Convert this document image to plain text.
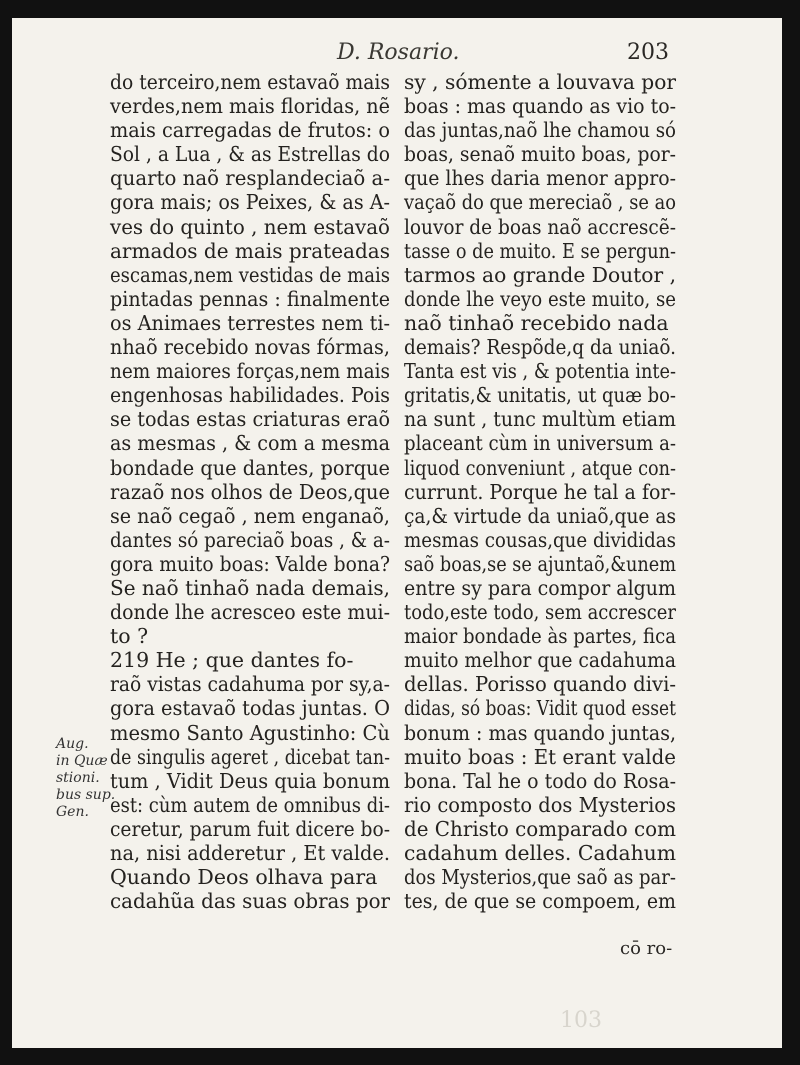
D. Rosario.	203
do terceiro,nem estavaõ mais
verdes,nem mais floridas, nẽ
mais carregadas de frutos: o
Sol , a Lua , & as Estrellas do
quarto naõ resplandeciaõ a-
gora mais; os Peixes, & as A-
ves do quinto , nem estavaõ
armados de mais prateadas
escamas,nem vestidas de mais
pintadas pennas : finalmente
os Animaes terrestes nem ti-
nhaõ recebido novas fórmas,
nem maiores forças,nem mais
engenhosas habilidades. Pois
se todas estas criaturas eraõ
as mesmas , & com a mesma
bondade que dantes, porque
razaõ nos olhos de Deos,que
se naõ cegaõ , nem enganaõ,
dantes só pareciaõ boas , & a-
gora muito boas: Valde bona?
Se naõ tinhaõ nada demais,
donde lhe acresceo este mui-
to ?
219 He ; que dantes fo-
raõ vistas cadahuma por sy,a-
gora estavaõ todas juntas. O
mesmo Santo Agustinho: Cù
de singulis ageret , dicebat tan-
tum , Vidit Deus quia bonum
est: cùm autem de omnibus di-
ceretur, parum fuit dicere bo-
na, nisi adderetur , Et valde.
Quando Deos olhava para
cadahũa das suas obras por
sy , sómente a louvava por
boas : mas quando as vio to-
das juntas,naõ lhe chamou só
boas, senaõ muito boas, por-
que lhes daria menor appro-
vaçaõ do que mereciaõ , se ao
louvor de boas naõ accrescẽ-
tasse o de muito. E se pergun-
tarmos ao grande Doutor ,
donde lhe veyo este muito, se
naõ tinhaõ recebido nada
demais? Respõde,q da uniaõ.
Tanta est vis , & potentia inte-
gritatis,& unitatis, ut quæ bo-
na sunt , tunc multùm etiam
placeant cùm in universum a-
liquod conveniunt , atque con-
currunt. Porque he tal a for-
ça,& virtude da uniaõ,que as
mesmas cousas,que divididas
saõ boas,se se ajuntaõ,&unem
entre sy para compor algum
todo,este todo, sem accrescer
maior bondade às partes, fica
muito melhor que cadahuma
dellas. Porisso quando divi-
didas, só boas: Vidit quod esset
bonum : mas quando juntas,
muito boas : Et erant valde
bona. Tal he o todo do Rosa-
rio composto dos Mysterios
de Christo comparado com
cadahum delles. Cadahum
dos Mysterios,que saõ as par-
tes, de que se compoem, em
Aug.
in Quæ
stioni.
bus sup.
Gen.
cō ro-
103
